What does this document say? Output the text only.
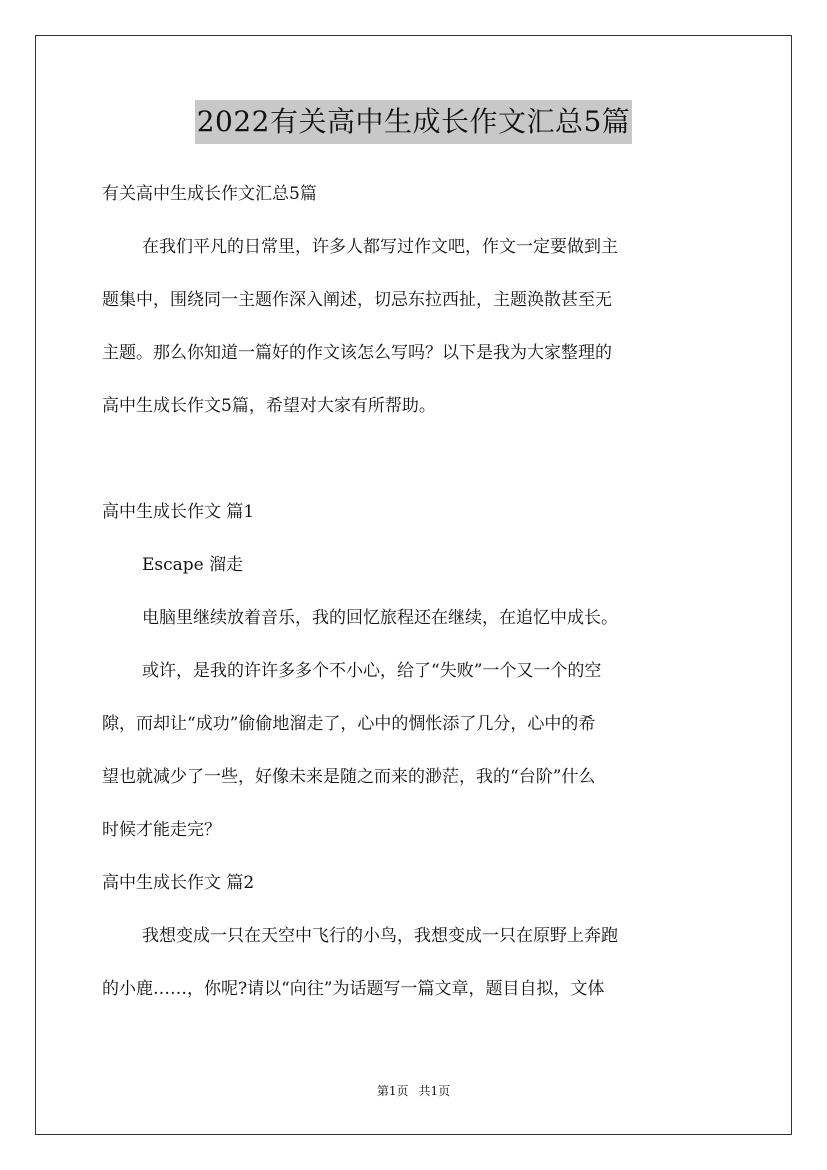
2022有关高中生成长作文汇总5篇
有关高中生成长作文汇总5篇
在我们平凡的日常里，许多人都写过作文吧，作文一定要做到主
题集中，围绕同一主题作深入阐述，切忌东拉西扯，主题涣散甚至无
主题。那么你知道一篇好的作文该怎么写吗？以下是我为大家整理的
高中生成长作文5篇，希望对大家有所帮助。
高中生成长作文 篇1
Escape 溜走
电脑里继续放着音乐，我的回忆旅程还在继续，在追忆中成长。
或许，是我的许许多多个不小心，给了“失败”一个又一个的空
隙，而却让“成功”偷偷地溜走了，心中的惆怅添了几分，心中的希
望也就减少了一些，好像未来是随之而来的渺茫，我的“台阶”什么
时候才能走完？
高中生成长作文 篇2
我想变成一只在天空中飞行的小鸟，我想变成一只在原野上奔跑
的小鹿……，你呢?请以“向往”为话题写一篇文章，题目自拟，文体
第1页 共1页
